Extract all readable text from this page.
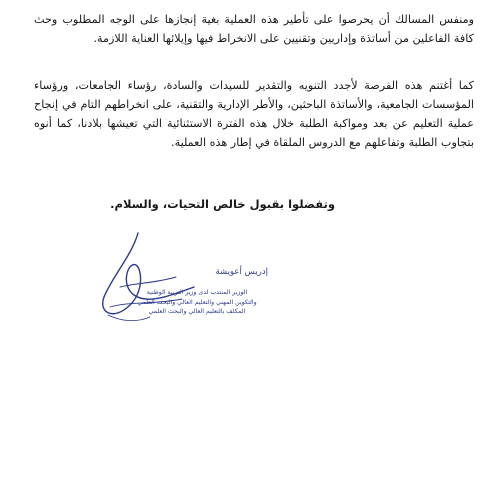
ومنفس المسالك أن يحرصوا على تأطير هذه العملية بغية إنجازها على الوجه المطلوب وحث كافة الفاعلين من أساتذة وإداريين وتقنيين على الانخراط فيها وإيلائها العناية اللازمة.

كما أغتنم هذه الفرصة لأجدد التنويه والتقدير للسيدات والسادة، رؤساء الجامعات، ورؤساء المؤسسات الجامعية، والأساتذة الباحثين، والأطر الإدارية والتقنية، على انخراطهم التام في إنجاح عملية التعليم عن بعد ومواكبة الطلبة خلال هذه الفترة الاستثنائية التي تعيشها بلادنا، كما أنوه بتجاوب الطلبة وتفاعلهم مع الدروس الملقاة في إطار هذه العملية.

وتفضلوا بقبول خالص التحيات، والسلام.

إدريس أعويشة

الوزير المنتدب لدى وزير التربية الوطنية
والتكوين المهني والتعليم العالي والبحث العلمي
المكلف بالتعليم العالي والبحث العلمي
